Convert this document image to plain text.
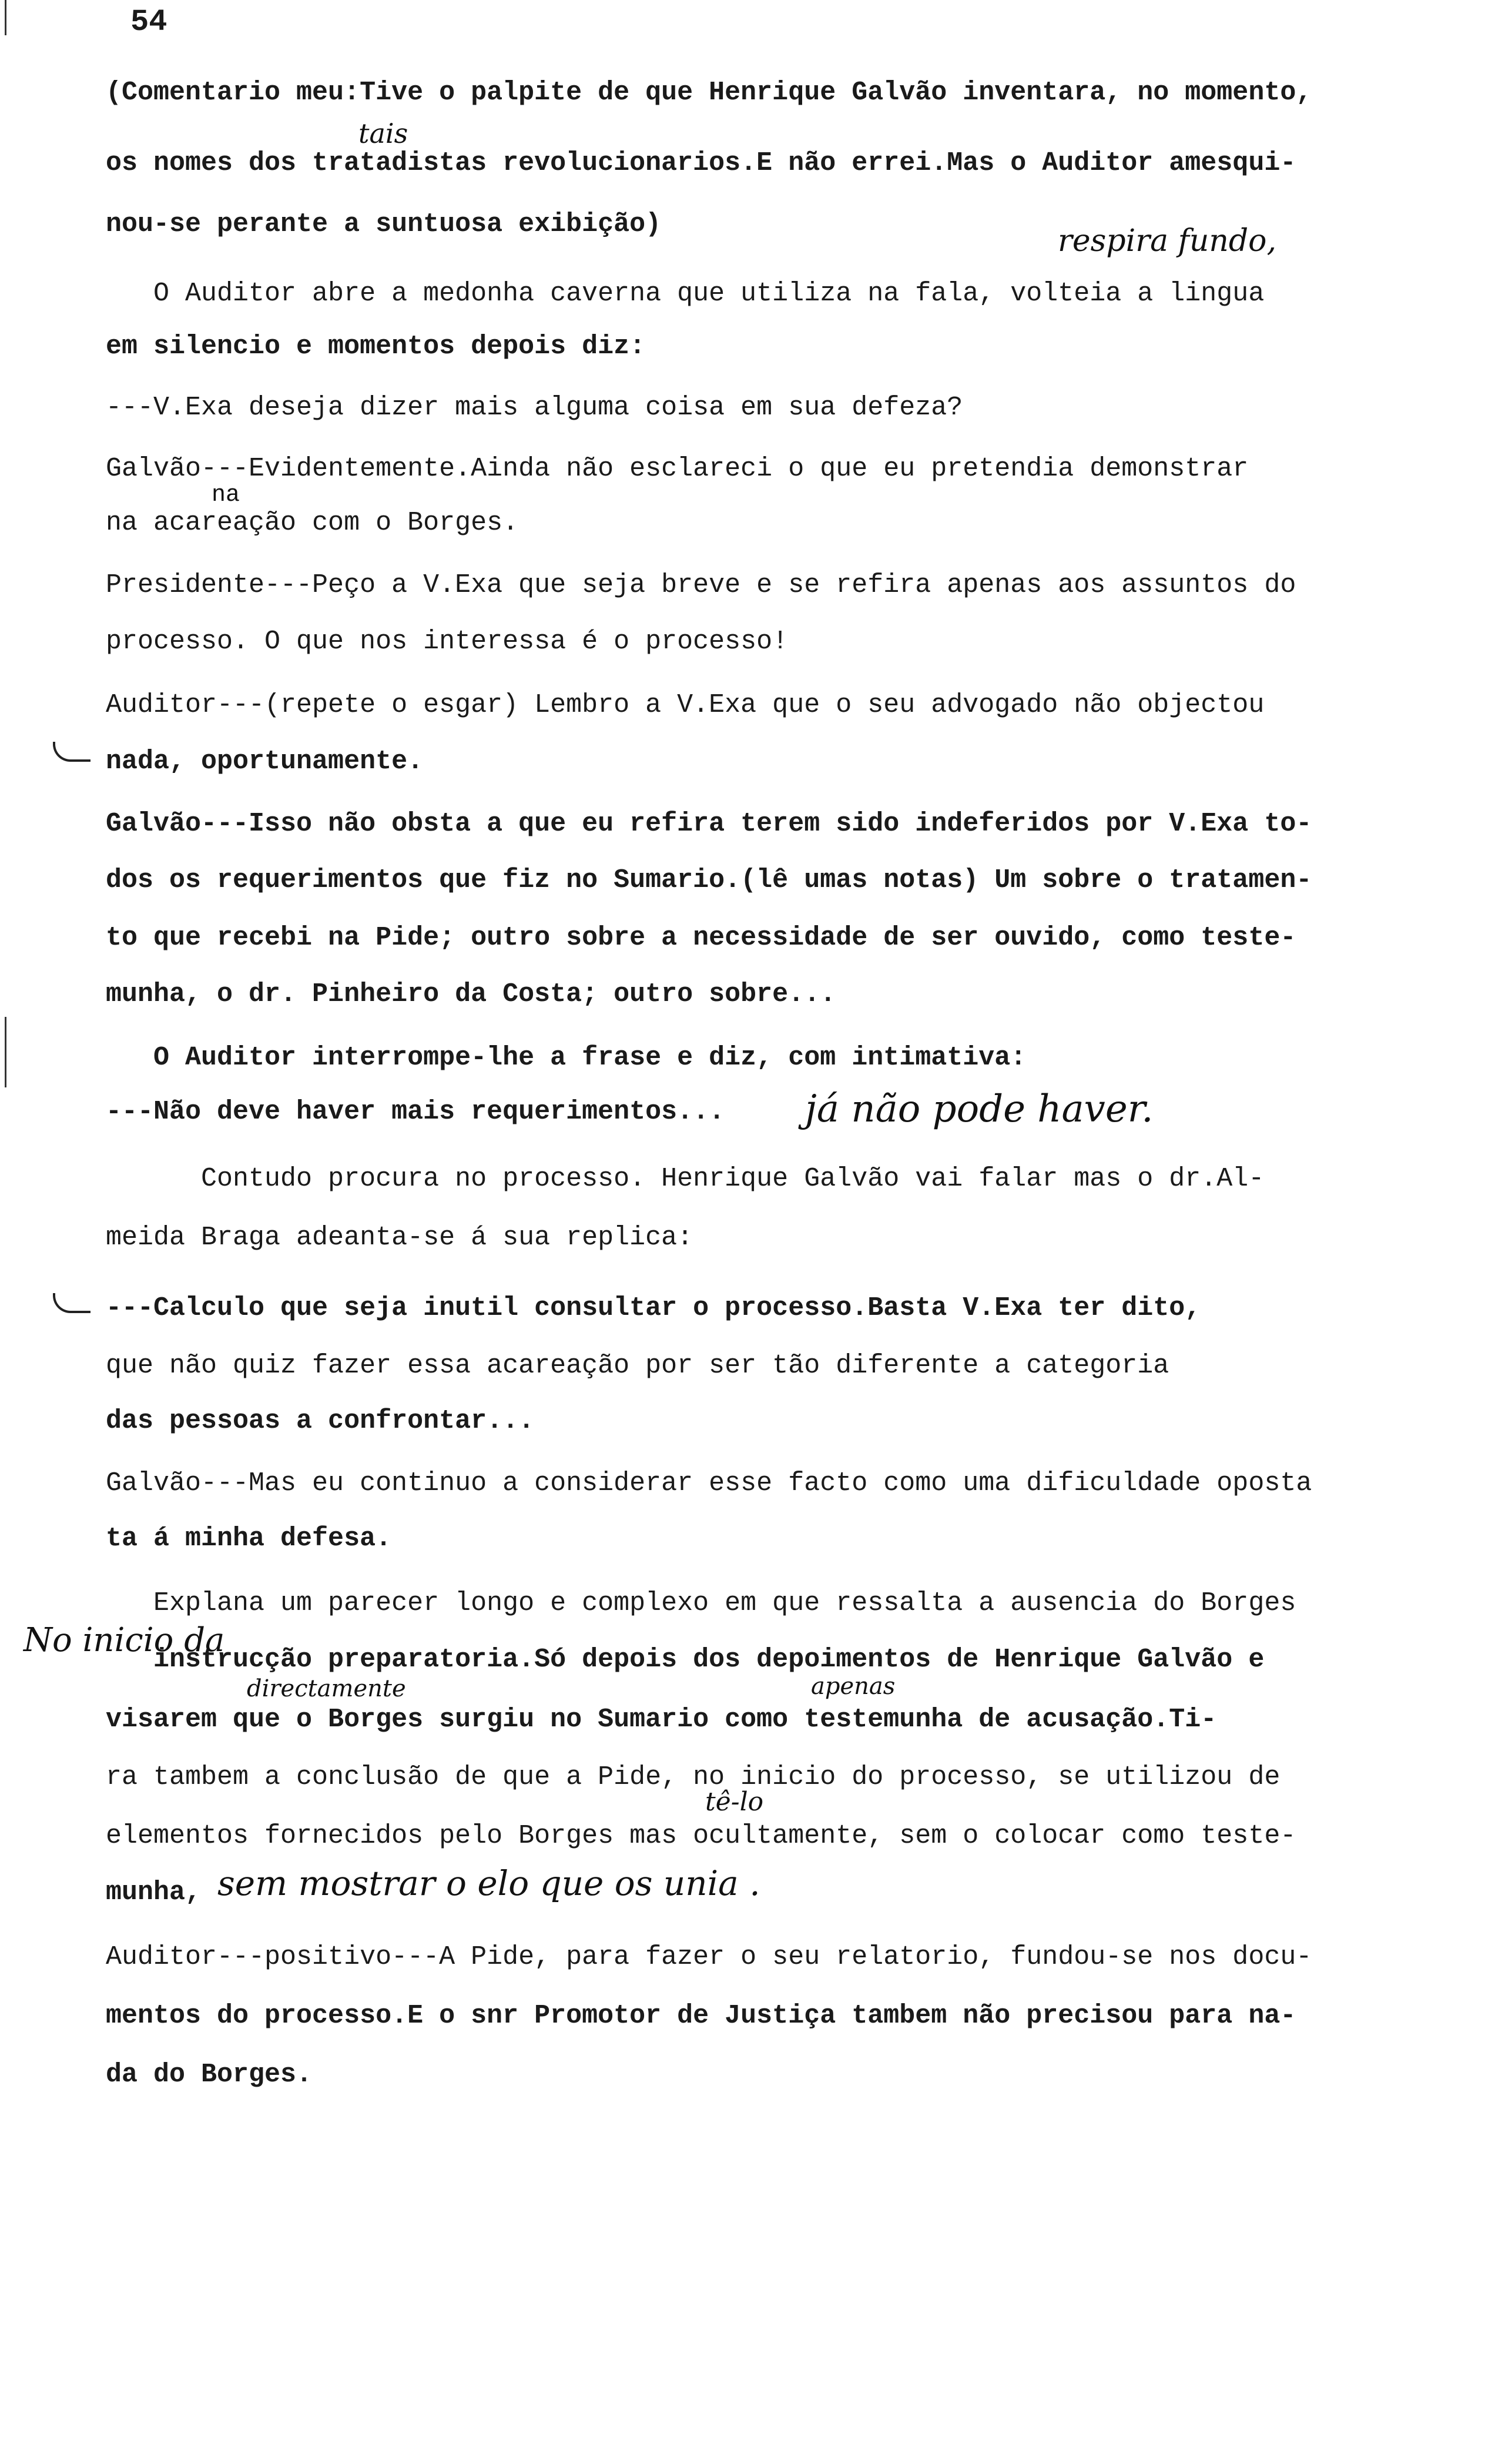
54
(Comentario meu:Tive o palpite de que Henrique Galvão inventara, no momento,
tais
os nomes dos tratadistas revolucionarios.E não errei.Mas o Auditor amesqui-
nou-se perante a suntuosa exibição)	respira fundo,
O Auditor abre a medonha caverna que utiliza na fala, volteia a lingua
em silencio e momentos depois diz:
---V.Exa deseja dizer mais alguma coisa em sua defeza?
Galvão---Evidentemente.Ainda não esclareci o que eu pretendia demonstrar
na
na acareação com o Borges.
Presidente---Peço a V.Exa que seja breve e se refira apenas aos assuntos do
processo. O que nos interessa é o processo!
Auditor---(repete o esgar) Lembro a V.Exa que o seu advogado não objectou
nada, oportunamente.
Galvão---Isso não obsta a que eu refira terem sido indeferidos por V.Exa to-
dos os requerimentos que fiz no Sumario.(lê umas notas) Um sobre o tratamen-
to que recebi na Pide; outro sobre a necessidade de ser ouvido, como teste-
munha, o dr. Pinheiro da Costa; outro sobre...
O Auditor interrompe-lhe a frase e diz, com intimativa:
---Não deve haver mais requerimentos... já não pode haver.
Contudo procura no processo. Henrique Galvão vai falar mas o dr.Al-
meida Braga adeanta-se á sua replica:
---Calculo que seja inutil consultar o processo.Basta V.Exa ter dito,
que não quiz fazer essa acareação por ser tão diferente a categoria
das pessoas a confrontar...
Galvão---Mas eu continuo a considerar esse facto como uma dificuldade oposta
ta á minha defesa.
Explana um parecer longo e complexo em que ressalta a ausencia do Borges
No inicio da
instrucção preparatoria.Só depois dos depoimentos de Henrique Galvão e
directamente	apenas
visarem que o Borges surgiu no Sumario como testemunha de acusação.Ti-
ra tambem a conclusão de que a Pide, no inicio do processo, se utilizou de
tê-lo
elementos fornecidos pelo Borges mas ocultamente, sem o colocar como teste-
munha, sem mostrar o elo que os unia .
Auditor---positivo---A Pide, para fazer o seu relatorio, fundou-se nos docu-
mentos do processo.E o snr Promotor de Justiça tambem não precisou para na-
da do Borges.
